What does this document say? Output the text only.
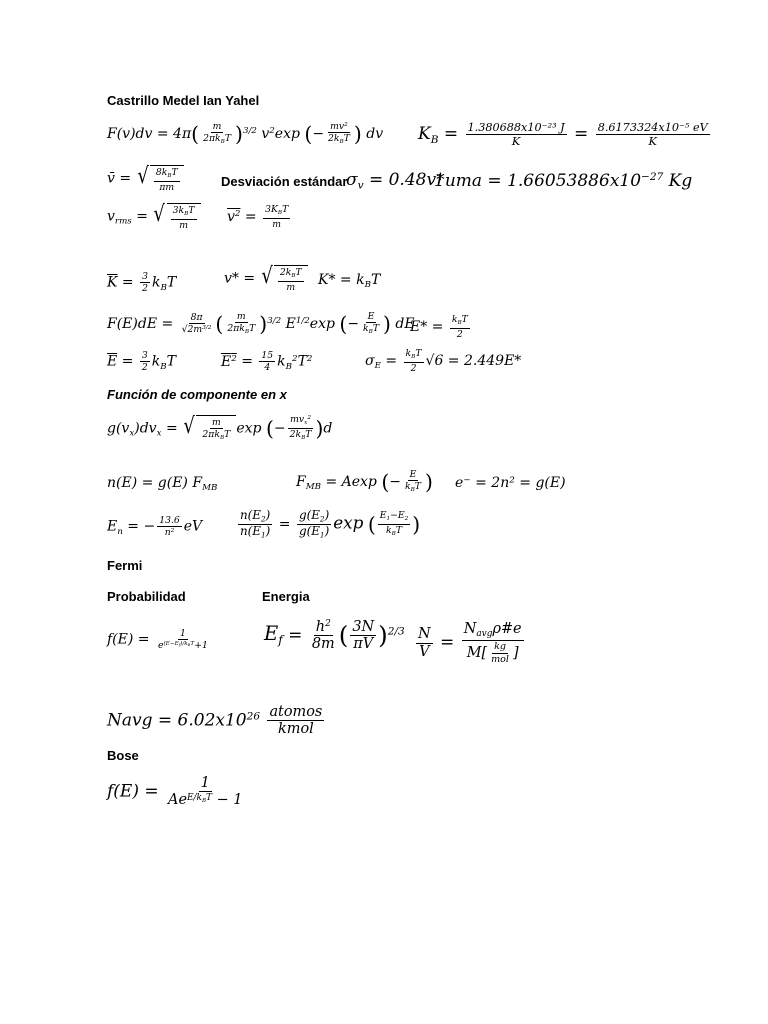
Castrillo Medel Ian Yahel
$F(v)dv = 4\pi( \frac{m}{2\pi k_BT} )^{3/2}$ $v^2\exp$ (− $\frac{mv^2}{2k_BT}$ ) dv $K_B = \frac{\text{1.380688x10⁻²³ J}}{K} = \frac{\text{8.6173324x10⁻⁵ eV}}{K}$
v̄ = √ $\frac{8k_BT}{\pi m}$	Desviación estándar
$\sigma_v = 0.48v*$
$1uma = 1.66053886x10^{-27}$ Kg
$v_{rms}$ = √ $\frac{3k_BT}{m} v^2 = \frac{3K_BT}{m}$
$\overline{K} = \frac{3}{2} k_BT$	v* = √ $\frac{2k_BT}{m} K* = k_BT$
$F(E)dE = \frac{8\pi}{√2m^{3/2}}$ ( $\frac{m}{2\pi k_BT} )^{3/2}$ $E^{1/2}\exp$ (− $\frac{E}{k_BT}$ ) dE
$E* = \frac{k_BT}{2}$
$\overline{E} = \frac{3}{2} k_BT$	$E^2 = \frac{15}{4} k_B^2T^2$	$\sigma_E = \frac{k_BT}{2} √6 = 2.449E*$
Función de componente en x
$g(v_x)dv_x$ = √ $\frac{m}{2\pi k_BT}$ exp (− $\frac{mv_x^2}{2k_BT} )d$
n(E) = g(E) $F_{MB}$	$F_{MB} = Aexp$ (− $\frac{E}{k_BT}$ ) e⁻ = 2n² = g(E)
$E_n$ = − $\frac{13.6}{n^2}$ eV	$\frac{n(E_2)}{n(E_1)} = \frac{g(E_2)}{g(E_1)}$ exp ( $\frac{E_1-E_2}{k_BT}$ )
Fermi
Probabilidad	Energia
$f(E) = \frac{1}{e^{(E-E_f)/k_BT}+1}$	$E_f = \frac{h^2}{8m}$ ( $\frac{3N}{\pi V} )^{2/3} \frac{N}{V} = \frac{N_{avg}\rho\#e}{M[ \frac{kg}{\text{mol}} ]}$
Navg = $6.02x10^{26} \frac{\text{atomos}}{\text{kmol}}$
Bose
$f(E) = \frac{1}{Ae^{E/k_BT} - 1}$
